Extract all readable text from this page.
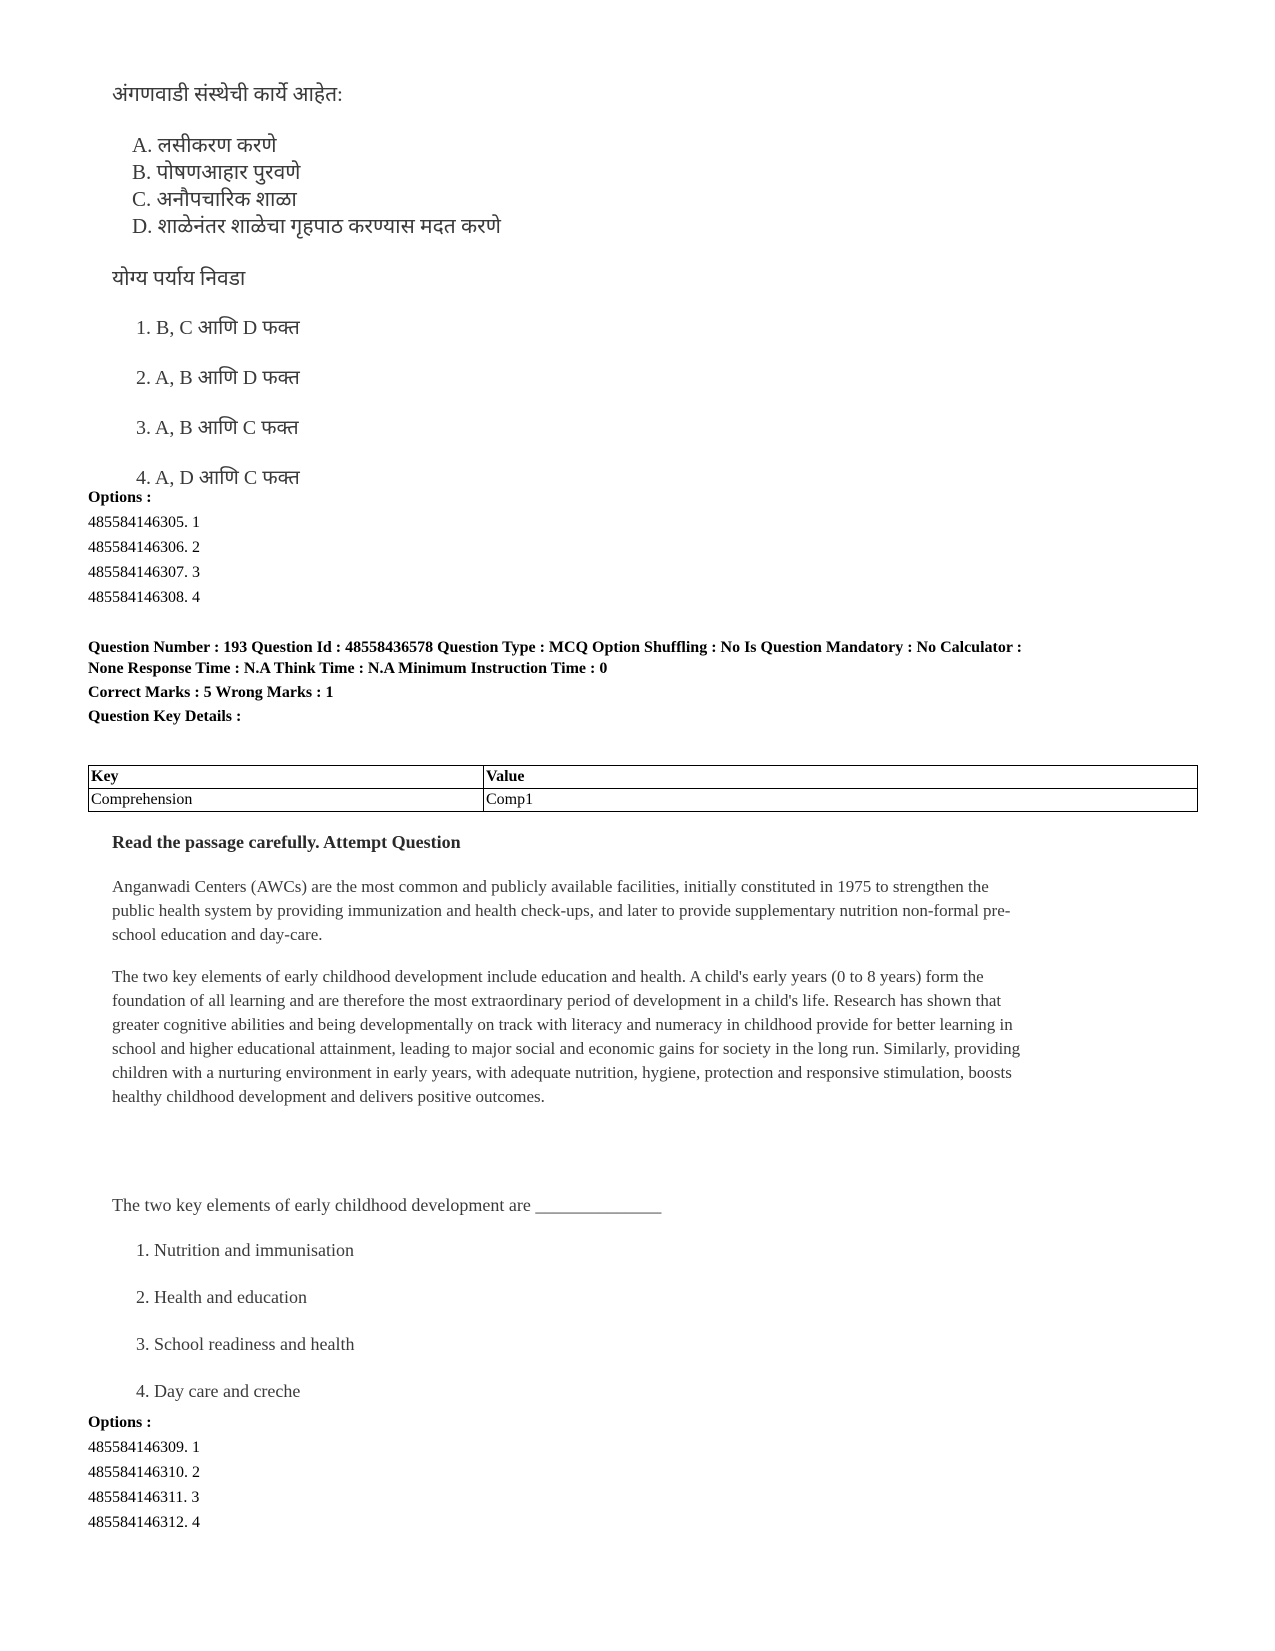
अंगणवाडी संस्थेची कार्ये आहेत:
A. लसीकरण करणे
B. पोषणआहार पुरवणे
C. अनौपचारिक शाळा
D. शाळेनंतर शाळेचा गृहपाठ करण्यास मदत करणे
योग्य पर्याय निवडा
1. B, C आणि D फक्त
2. A, B आणि D फक्त
3. A, B आणि C फक्त
4. A, D आणि C फक्त
Options :
485584146305. 1
485584146306. 2
485584146307. 3
485584146308. 4
Question Number : 193 Question Id : 48558436578 Question Type : MCQ Option Shuffling : No Is Question Mandatory : No Calculator :
None Response Time : N.A Think Time : N.A Minimum Instruction Time : 0
Correct Marks : 5 Wrong Marks : 1
Question Key Details :
Key	Value
Comprehension	Comp1
Read the passage carefully. Attempt Question

Anganwadi Centers (AWCs) are the most common and publicly available facilities, initially constituted in 1975 to strengthen the public health system by providing immunization and health check-ups, and later to provide supplementary nutrition non-formal pre-school education and day-care.

The two key elements of early childhood development include education and health. A child's early years (0 to 8 years) form the foundation of all learning and are therefore the most extraordinary period of development in a child's life. Research has shown that greater cognitive abilities and being developmentally on track with literacy and numeracy in childhood provide for better learning in school and higher educational attainment, leading to major social and economic gains for society in the long run. Similarly, providing children with a nurturing environment in early years, with adequate nutrition, hygiene, protection and responsive stimulation, boosts healthy childhood development and delivers positive outcomes.

The two key elements of early childhood development are ______________
1. Nutrition and immunisation
2. Health and education
3. School readiness and health
4. Day care and creche
Options :
485584146309. 1
485584146310. 2
485584146311. 3
485584146312. 4
